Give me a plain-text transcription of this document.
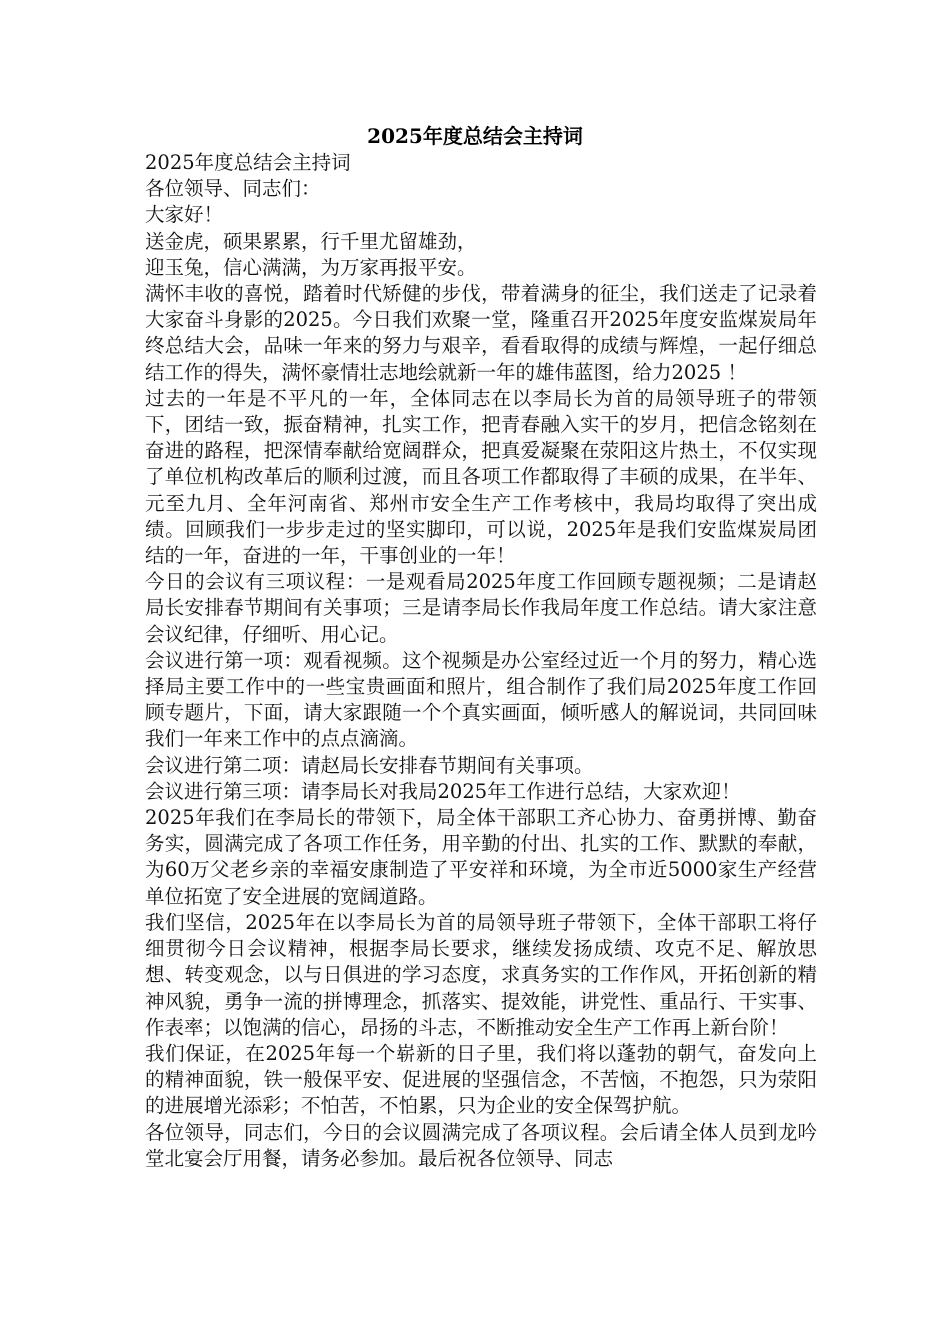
2025年度总结会主持词

2025年度总结会主持词

各位领导、同志们：

大家好！

送金虎，硕果累累，行千里尤留雄劲，

迎玉兔，信心满满，为万家再报平安。

满怀丰收的喜悦，踏着时代矫健的步伐，带着满身的征尘，我们送走了记录着大家奋斗身影的2025。今日我们欢聚一堂，隆重召开2025年度安监煤炭局年终总结大会，品味一年来的努力与艰辛，看看取得的成绩与辉煌，一起仔细总结工作的得失，满怀豪情壮志地绘就新一年的雄伟蓝图，给力2025 ！

过去的一年是不平凡的一年，全体同志在以李局长为首的局领导班子的带领下，团结一致，振奋精神，扎实工作，把青春融入实干的岁月，把信念铭刻在奋进的路程，把深情奉献给宽阔群众，把真爱凝聚在荥阳这片热土，不仅实现了单位机构改革后的顺利过渡，而且各项工作都取得了丰硕的成果，在半年、元至九月、全年河南省、郑州市安全生产工作考核中，我局均取得了突出成绩。回顾我们一步步走过的坚实脚印，可以说，2025年是我们安监煤炭局团结的一年，奋进的一年，干事创业的一年！

今日的会议有三项议程：一是观看局2025年度工作回顾专题视频；二是请赵局长安排春节期间有关事项；三是请李局长作我局年度工作总结。请大家注意会议纪律，仔细听、用心记。

会议进行第一项：观看视频。这个视频是办公室经过近一个月的努力，精心选择局主要工作中的一些宝贵画面和照片，组合制作了我们局2025年度工作回顾专题片，下面，请大家跟随一个个真实画面，倾听感人的解说词，共同回味我们一年来工作中的点点滴滴。

会议进行第二项：请赵局长安排春节期间有关事项。

会议进行第三项：请李局长对我局2025年工作进行总结，大家欢迎！

2025年我们在李局长的带领下，局全体干部职工齐心协力、奋勇拼博、勤奋务实，圆满完成了各项工作任务，用辛勤的付出、扎实的工作、默默的奉献，为60万父老乡亲的幸福安康制造了平安祥和环境，为全市近5000家生产经营单位拓宽了安全进展的宽阔道路。

我们坚信，2025年在以李局长为首的局领导班子带领下，全体干部职工将仔细贯彻今日会议精神，根据李局长要求，继续发扬成绩、攻克不足、解放思想、转变观念，以与日俱进的学习态度，求真务实的工作作风，开拓创新的精神风貌，勇争一流的拼博理念，抓落实、提效能，讲党性、重品行、干实事、作表率；以饱满的信心，昂扬的斗志，不断推动安全生产工作再上新台阶！

我们保证，在2025年每一个崭新的日子里，我们将以蓬勃的朝气，奋发向上的精神面貌，铁一般保平安、促进展的坚强信念，不苦恼，不抱怨，只为荥阳的进展增光添彩；不怕苦，不怕累，只为企业的安全保驾护航。

各位领导，同志们，今日的会议圆满完成了各项议程。会后请全体人员到龙吟堂北宴会厅用餐，请务必参加。最后祝各位领导、同志
